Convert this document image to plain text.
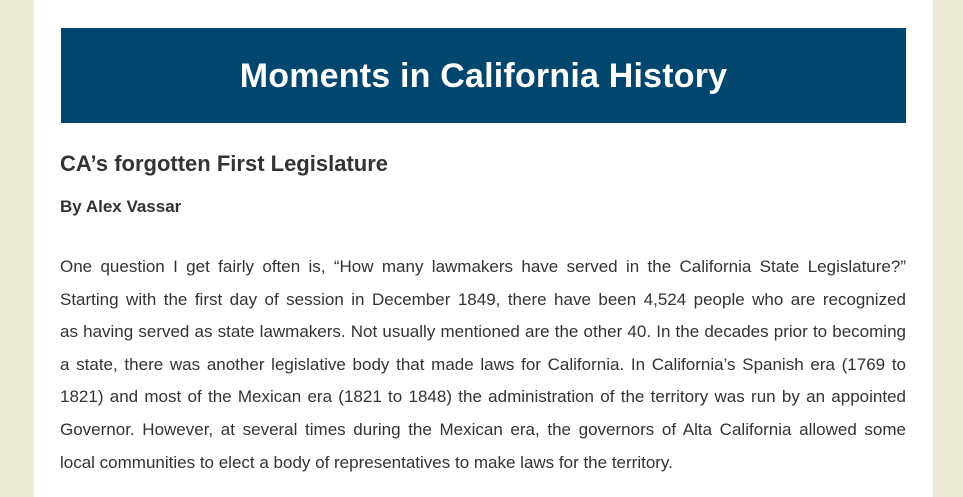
Moments in California History
CA’s forgotten First Legislature

By Alex Vassar

One question I get fairly often is, “How many lawmakers have served in the California State Legislature?”
Starting with the first day of session in December 1849, there have been 4,524 people who are recognized
as having served as state lawmakers. Not usually mentioned are the other 40. In the decades prior to becoming
a state, there was another legislative body that made laws for California. In California’s Spanish era (1769 to
1821) and most of the Mexican era (1821 to 1848) the administration of the territory was run by an appointed
Governor. However, at several times during the Mexican era, the governors of Alta California allowed some
local communities to elect a body of representatives to make laws for the territory.
